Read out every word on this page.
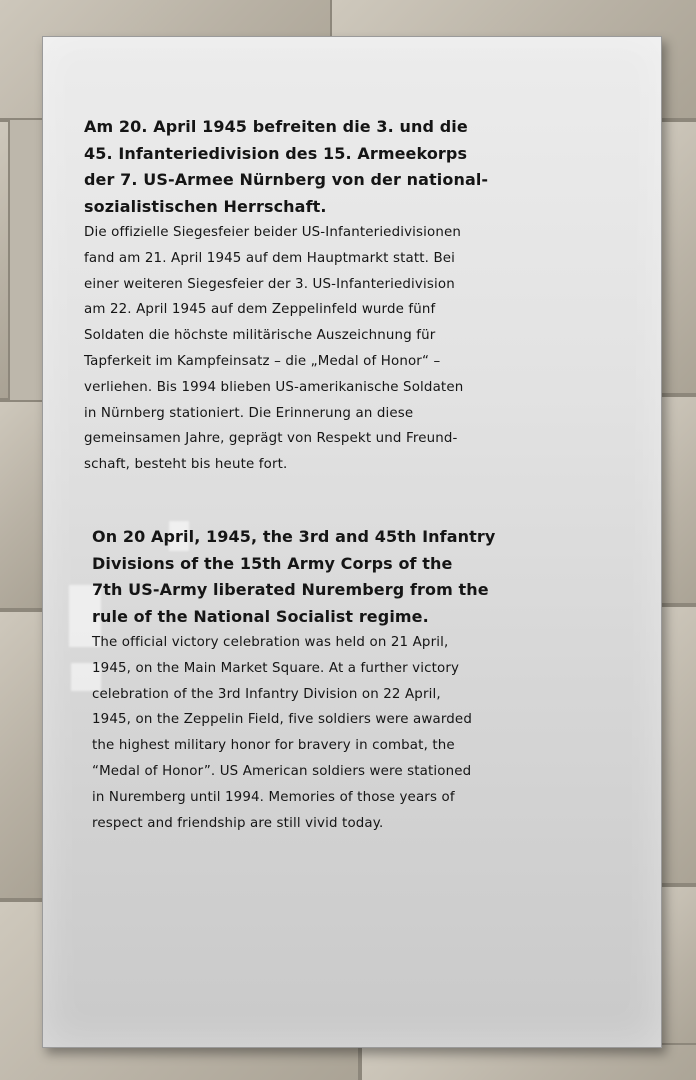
Am 20. April 1945 befreiten die 3. und die
45. Infanteriedivision des 15. Armeekorps
der 7. US-Armee Nürnberg von der national-
sozialistischen Herrschaft.
Die offizielle Siegesfeier beider US-Infanteriedivisionen
fand am 21. April 1945 auf dem Hauptmarkt statt. Bei
einer weiteren Siegesfeier der 3. US-Infanteriedivision
am 22. April 1945 auf dem Zeppelinfeld wurde fünf
Soldaten die höchste militärische Auszeichnung für
Tapferkeit im Kampfeinsatz – die „Medal of Honor“ –
verliehen. Bis 1994 blieben US-amerikanische Soldaten
in Nürnberg stationiert. Die Erinnerung an diese
gemeinsamen Jahre, geprägt von Respekt und Freund-
schaft, besteht bis heute fort.
On 20 April, 1945, the 3rd and 45th Infantry
Divisions of the 15th Army Corps of the
7th US-Army liberated Nuremberg from the
rule of the National Socialist regime.
The official victory celebration was held on 21 April,
1945, on the Main Market Square. At a further victory
celebration of the 3rd Infantry Division on 22 April,
1945, on the Zeppelin Field, five soldiers were awarded
the highest military honor for bravery in combat, the
“Medal of Honor”. US American soldiers were stationed
in Nuremberg until 1994. Memories of those years of
respect and friendship are still vivid today.
